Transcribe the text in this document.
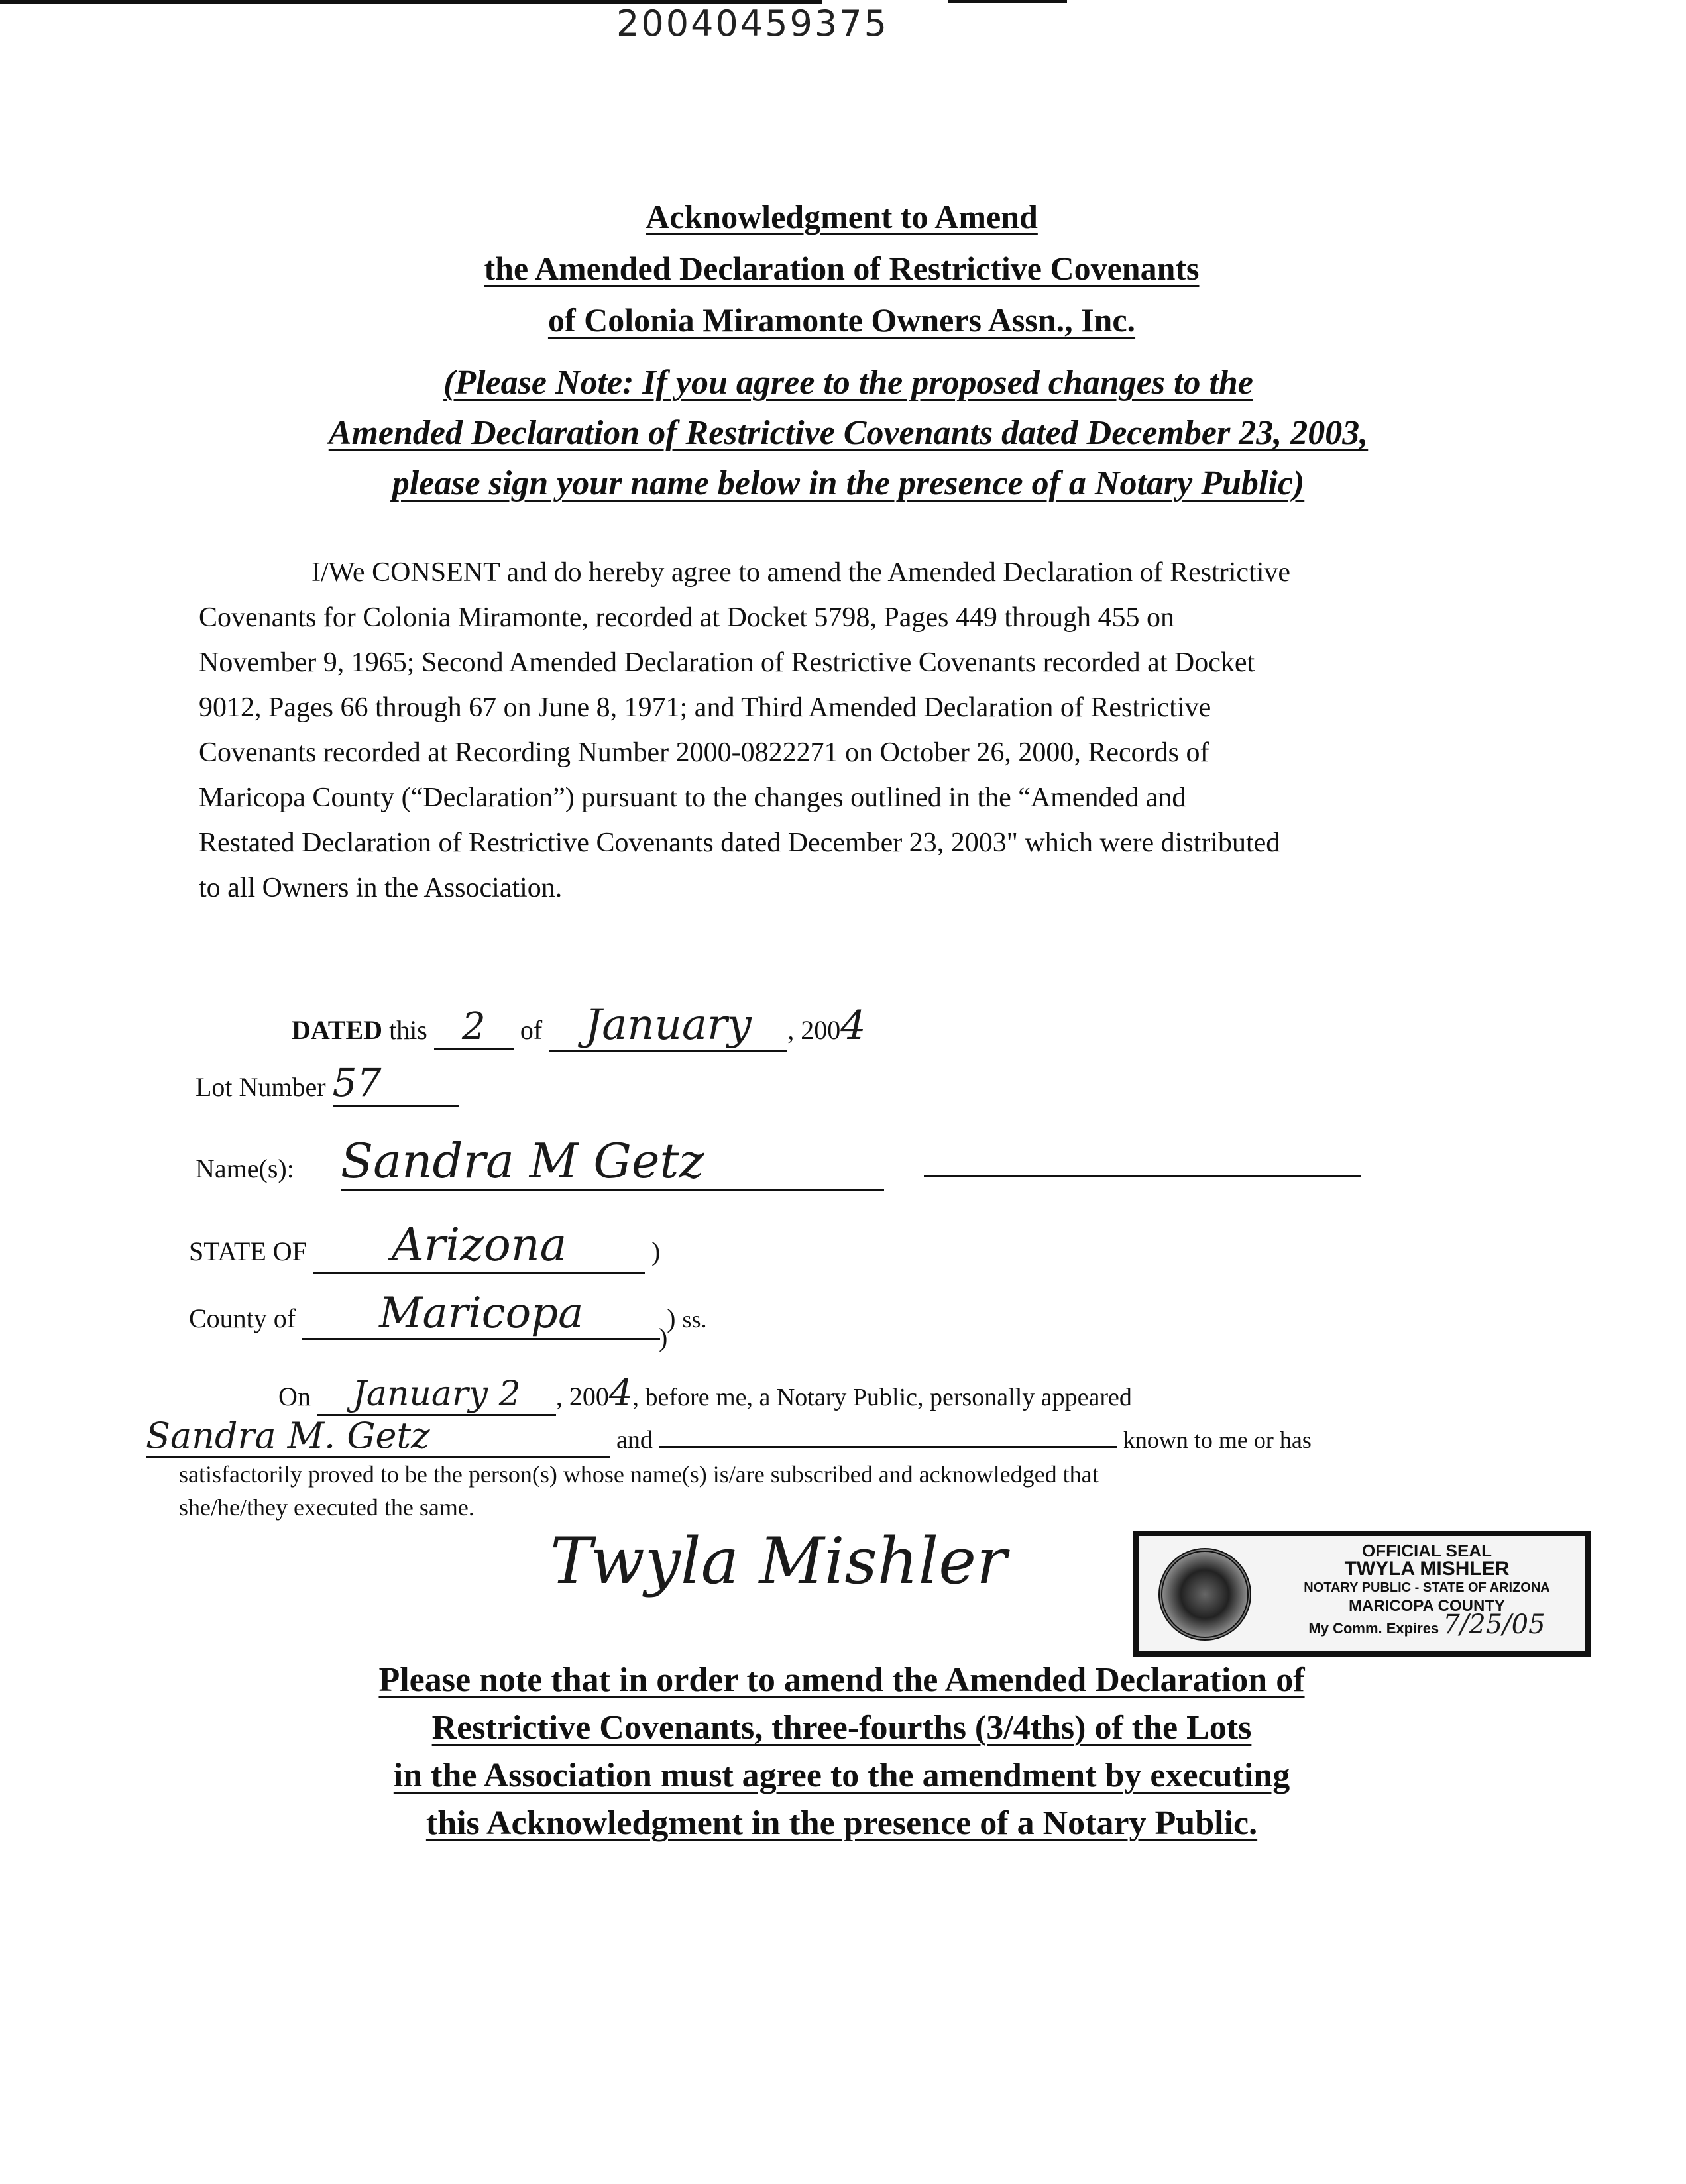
20040459375
Acknowledgment to Amend
the Amended Declaration of Restrictive Covenants
of Colonia Miramonte Owners Assn., Inc.
(Please Note: If you agree to the proposed changes to the
Amended Declaration of Restrictive Covenants dated December 23, 2003,
please sign your name below in the presence of a Notary Public)

I/We CONSENT and do hereby agree to amend the Amended Declaration of Restrictive

Covenants for Colonia Miramonte, recorded at Docket 5798, Pages 449 through 455 on

November 9, 1965; Second Amended Declaration of Restrictive Covenants recorded at Docket

9012, Pages 66 through 67 on June 8, 1971; and Third Amended Declaration of Restrictive

Covenants recorded at Recording Number 2000-0822271 on October 26, 2000, Records of

Maricopa County (“Declaration”) pursuant to the changes outlined in the “Amended and

Restated Declaration of Restrictive Covenants dated December 23, 2003" which were distributed

to all Owners in the Association.

DATED this 2 of January , 2004
Lot Number 57
Name(s): Sandra M Getz
STATE OF Arizona	)
County of Maricopa	) ss.
)
On January 2 , 2004, before me, a Notary Public, personally appeared
Sandra M. Getz	and	known to me or has
satisfactorily proved to be the person(s) whose name(s) is/are subscribed and acknowledged that
she/he/they executed the same.
Twyla Mishler	OFFICIAL SEAL
TWYLA MISHLER
NOTARY PUBLIC - STATE OF ARIZONA
MARICOPA COUNTY
My Comm. Expires 7/25/05
Please note that in order to amend the Amended Declaration of
Restrictive Covenants, three-fourths (3/4ths) of the Lots
in the Association must agree to the amendment by executing
this Acknowledgment in the presence of a Notary Public.
